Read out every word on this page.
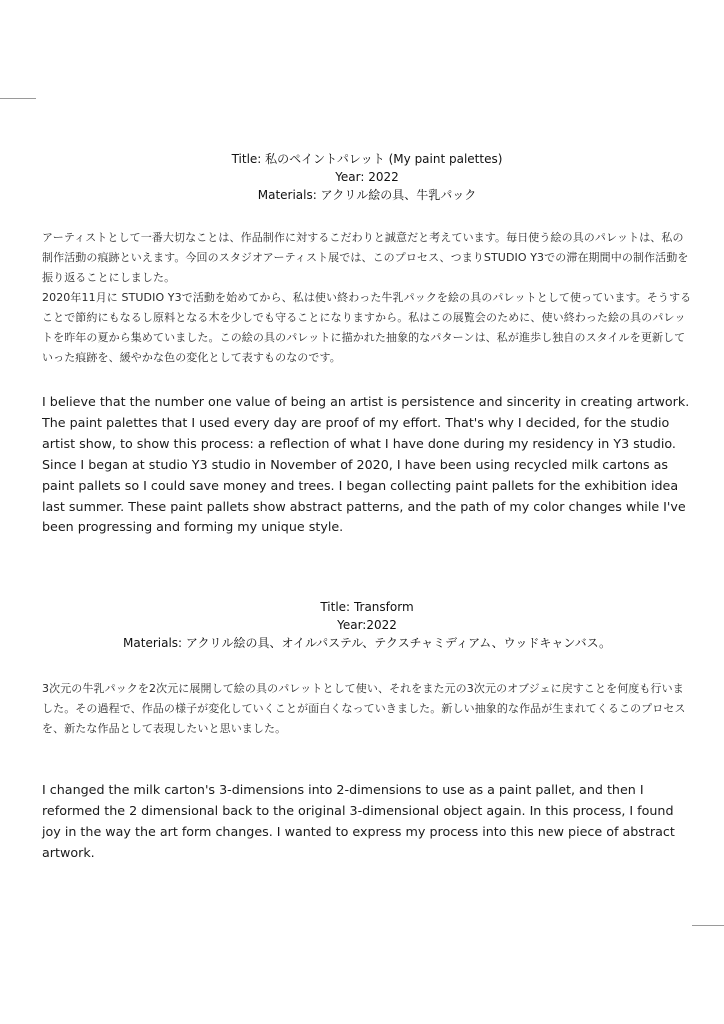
Title: 私のペイントパレット (My paint palettes)
Year: 2022
Materials: アクリル絵の具、牛乳パック

アーティストとして一番大切なことは、作品制作に対するこだわりと誠意だと考えています。毎日使う絵の具のパレットは、私の制作活動の痕跡といえます。今回のスタジオアーティスト展では、このプロセス、つまりSTUDIO Y3での滞在期間中の制作活動を振り返ることにしました。

2020年11月に STUDIO Y3で活動を始めてから、私は使い終わった牛乳パックを絵の具のパレットとして使っています。そうすることで節約にもなるし原料となる木を少しでも守ることになりますから。私はこの展覧会のために、使い終わった絵の具のパレットを昨年の夏から集めていました。この絵の具のパレットに描かれた抽象的なパターンは、私が進歩し独自のスタイルを更新していった痕跡を、緩やかな色の変化として表すものなのです。

I believe that the number one value of being an artist is persistence and sincerity in creating artwork. The paint palettes that I used every day are proof of my effort. That's why I decided, for the studio artist show, to show this process: a reflection of what I have done during my residency in Y3 studio. Since I began at studio Y3 studio in November of 2020, I have been using recycled milk cartons as paint pallets so I could save money and trees. I began collecting paint pallets for the exhibition idea last summer. These paint pallets show abstract patterns, and the path of my color changes while I've been progressing and forming my unique style.

Title: Transform
Year:2022
Materials: アクリル絵の具、オイルパステル、テクスチャミディアム、ウッドキャンバス。

3次元の牛乳パックを2次元に展開して絵の具のパレットとして使い、それをまた元の3次元のオブジェに戻すことを何度も行いました。その過程で、作品の様子が変化していくことが面白くなっていきました。新しい抽象的な作品が生まれてくるこのプロセスを、新たな作品として表現したいと思いました。

I changed the milk carton's 3-dimensions into 2-dimensions to use as a paint pallet, and then I reformed the 2 dimensional back to the original 3-dimensional object again. In this process, I found joy in the way the art form changes. I wanted to express my process into this new piece of abstract artwork.
